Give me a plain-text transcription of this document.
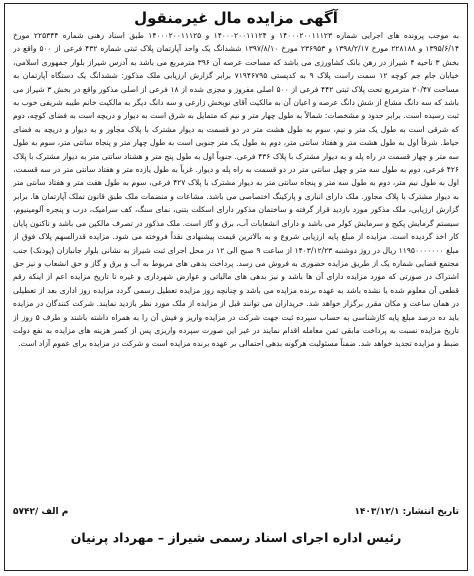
آگهی مزایده مال غیرمنقول

به موجب پرونده های اجرایی شماره ۱۴۰۰۰۲۰۰۱۱۱۲۳ و ۱۴۰۰۰۲۰۰۱۱۱۲۴ و ۱۴۰۰۰۲۰۰۱۱۱۲۵ طبق اسناد رهنی شماره ۲۲۵۳۴۴ مورخ ۱۳۹۵/۶/۱۴ و ۲۲۸۱۸۸ مورخ ۱۳۹۸/۲/۱۷ و ۲۳۶۹۵۳ مورخ ۱۳۹۷/۸/۱۰ ششدانگ یک واحد آپارتمان پلاک ثبتی شماره ۴۳۲ فرعی از ۵۰۰ واقع در بخش ۳ ناحیه ۴ شیراز در رهن بانک کشاورزی می باشد که مساحت عرصه آن ۳۹۶ مترمربع می باشد به آدرس شیراز بلوار جمهوری اسلامی، خیابان جام جم کوچه ۱۲ سمت راست پلاک ۹ به کدپستی ۷۱۹۴۶۷۹۵ برابر گزارش ارزیابی ملک مذکور: ششدانگ یک دستگاه آپارتمان به مساحت ۲۰/۴۷ مترمربع تحت پلاک ثبتی ۴۴۲ فرعی از ۵۰۰ اصلی مفروز و مجزی شده از ۱۸ فرعی از اصلی مذکور واقع در بخش ۳ شیراز می باشد که سه دانگ مشاع از شش دانگ عرصه و اعیان آن به مالکیت آقای نوبخش زارعی و سه دانگ دیگر به مالکیت خانم طیبه شریفی خوب به ثبت رسیده است. برابر حدود و مشخصات: شمالاً به طول چهار متر و نیم که متمایل به شرق است به دیوار و دریچه است به فضای کوچه، دوم که شرقی است به طول یک متر و نیم، سوم به طول هشت متر در دو قسمت به دیوار مشترک با پلاک مجاور و به دیوار و دریچه به فضای حیاط. شرقاً اول به طول هشت متر و هفتاد سانتی متر، دوم به طول یک متر جنوبی است به طول چهار متر و پنجاه سانتی متر، سوم به طول سه متر و چهار قسمت در راه پله و به دیوار مشترک با پلاک ۴۳۶ فرعی. جنوباً اول به طول پنج متر و هشتاد سانتی متر به دیوار مشترک با پلاک ۴۲۶ فرعی، دوم به طول سه متر و چهل سانتی متر در دو قسمت به راه پله و دیوار. غرباً به طول یازده متر و هفتاد سانتی متر در سه قسمت، اول به طول نیم متر، دوم به طول سه متر و پنجاه سانتی متر به دیوار مشترک با پلاک ۴۲۷ فرعی، سوم به طول هفت متر و هفتاد سانتی متر به دیوار مشترک با پلاک مجاور. ملک دارای انباری و پارکینگ اختصاصی می باشد. مشاعات و منضمات ملک طبق قانون تملک آپارتمان ها. برابر گزارش ارزیابی، ملک مذکور مورد بازدید قرار گرفته و ساختمان مذکور دارای اسکلت بتنی، نمای سنگ، کف سرامیک، درب و پنجره آلومینیوم، سیستم گرمایش پکیج و سرمایش کولر می باشد و دارای انشعابات آب، برق و گاز است. ملک مذکور در تصرف مالکین می باشد و تاکنون پایان کار اخذ گردیده است. مزایده از مبلغ پایه ارزیابی شروع و به بالاترین قیمت پیشنهادی نقداً فروخته می شود. مزایده قدرالسهم پلاک فوق از مبلغ ۱۱۹۵۰۰۰۰۰۰۰ ریال در روز دوشنبه ۱۴۰۳/۱۲/۲۳ از ساعت ۹ صبح الی ۱۲ در محل اجرای ثبت شیراز به نشانی بلوار جانبازان (پودنک) جنب مجتمع قضایی شماره یک از طریق مزایده حضوری به فروش می رسد. پرداخت بدهی های مربوط به آب و برق و گاز و حق انشعاب و نیز حق اشتراک در صورتی که مورد مزایده دارای آن ها باشد و نیز بدهی های مالیاتی و عوارض شهرداری و غیره تا تاریخ مزایده اعم از اینکه رقم قطعی آن معلوم شده یا نشده باشد به عهده برنده مزایده می باشد و چنانچه روز مزایده تعطیل رسمی گردد مزایده روز اداری بعد از تعطیلی در همان ساعت و مکان مقرر برگزار خواهد شد. خریداران می توانند قبل از مزایده از ملک مورد نظر بازدید نمایند. شرکت کنندگان در مزایده باید ده درصد مبلغ پایه کارشناسی به حساب سپرده ثبت جهت شرکت در مزایده واریز و فیش آن را به همراه داشته باشند و طرف ۵ روز از تاریخ مزایده نسبت به پرداخت مابقی ثمن معامله اقدام نمایند در غیر این صورت سپرده واریزی پس از کسر هزینه های مزایده به نفع دولت ضبط و مزایده تجدید خواهد شد. ضمناً مسئولیت هرگونه بدهی احتمالی بر عهده برنده مزایده است و شرکت در مزایده برای عموم آزاد است.

تاریخ انتشار: ۱۴۰۳/۱۲/۱
م الف /۵۷۴۲
رئیس اداره اجرای اسناد رسمی شیراز – مهرداد پرنیان
